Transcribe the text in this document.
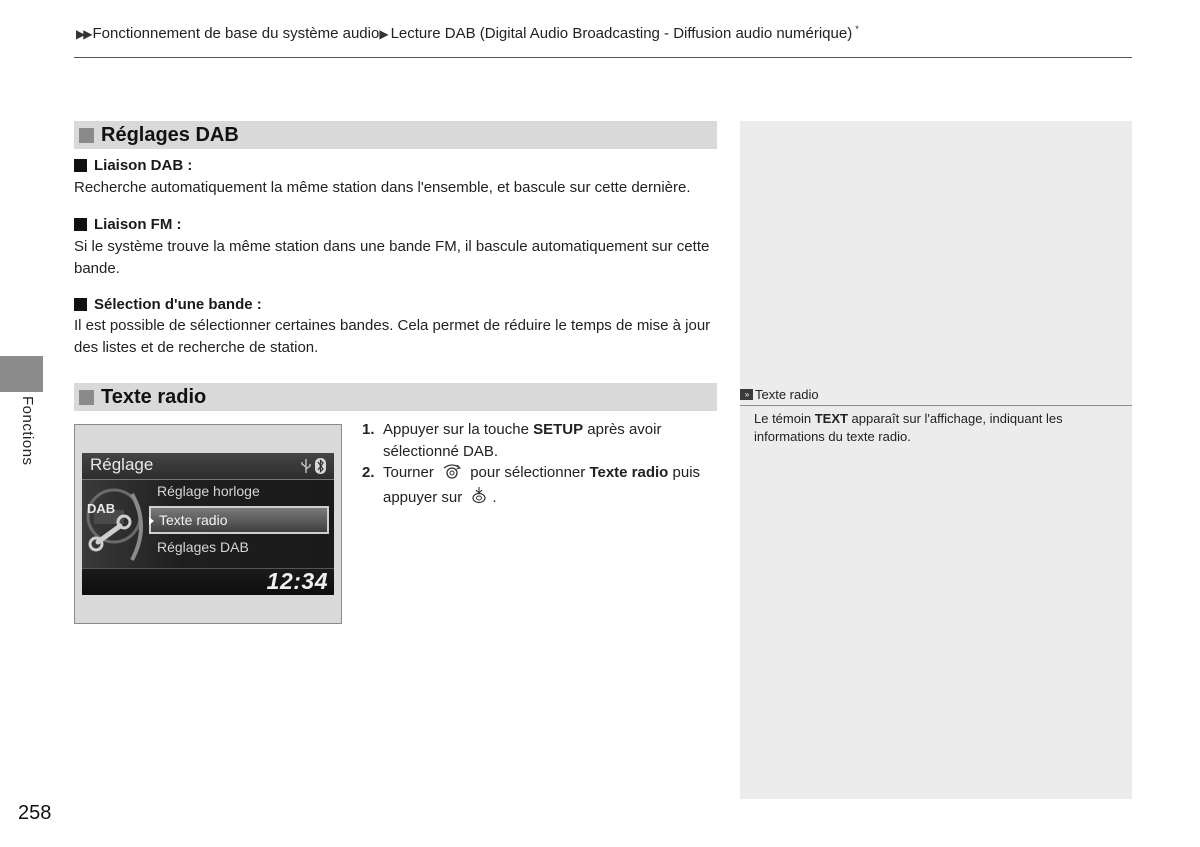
▶▶ Fonctionnement de base du système audio▶ Lecture DAB (Digital Audio Broadcasting - Diffusion audio numérique) *
Fonctions
Réglages DAB
Liaison DAB :
Recherche automatiquement la même station dans l'ensemble, et bascule sur cette dernière.
Liaison FM :
Si le système trouve la même station dans une bande FM, il bascule automatiquement sur cette
bande.
Sélection d'une bande :
Il est possible de sélectionner certaines bandes. Cela permet de réduire le temps de mise à jour
des listes et de recherche de station.
Texte radio
Réglage
DAB
Réglage horloge
Texte radio
Réglages DAB
12:34
1. Appuyer sur la touche SETUP après avoir
sélectionné DAB.
2. Tourner  pour sélectionner Texte radio puis
appuyer sur .
» Texte radio
Le témoin TEXT apparaît sur l'affichage, indiquant les
informations du texte radio.
258
